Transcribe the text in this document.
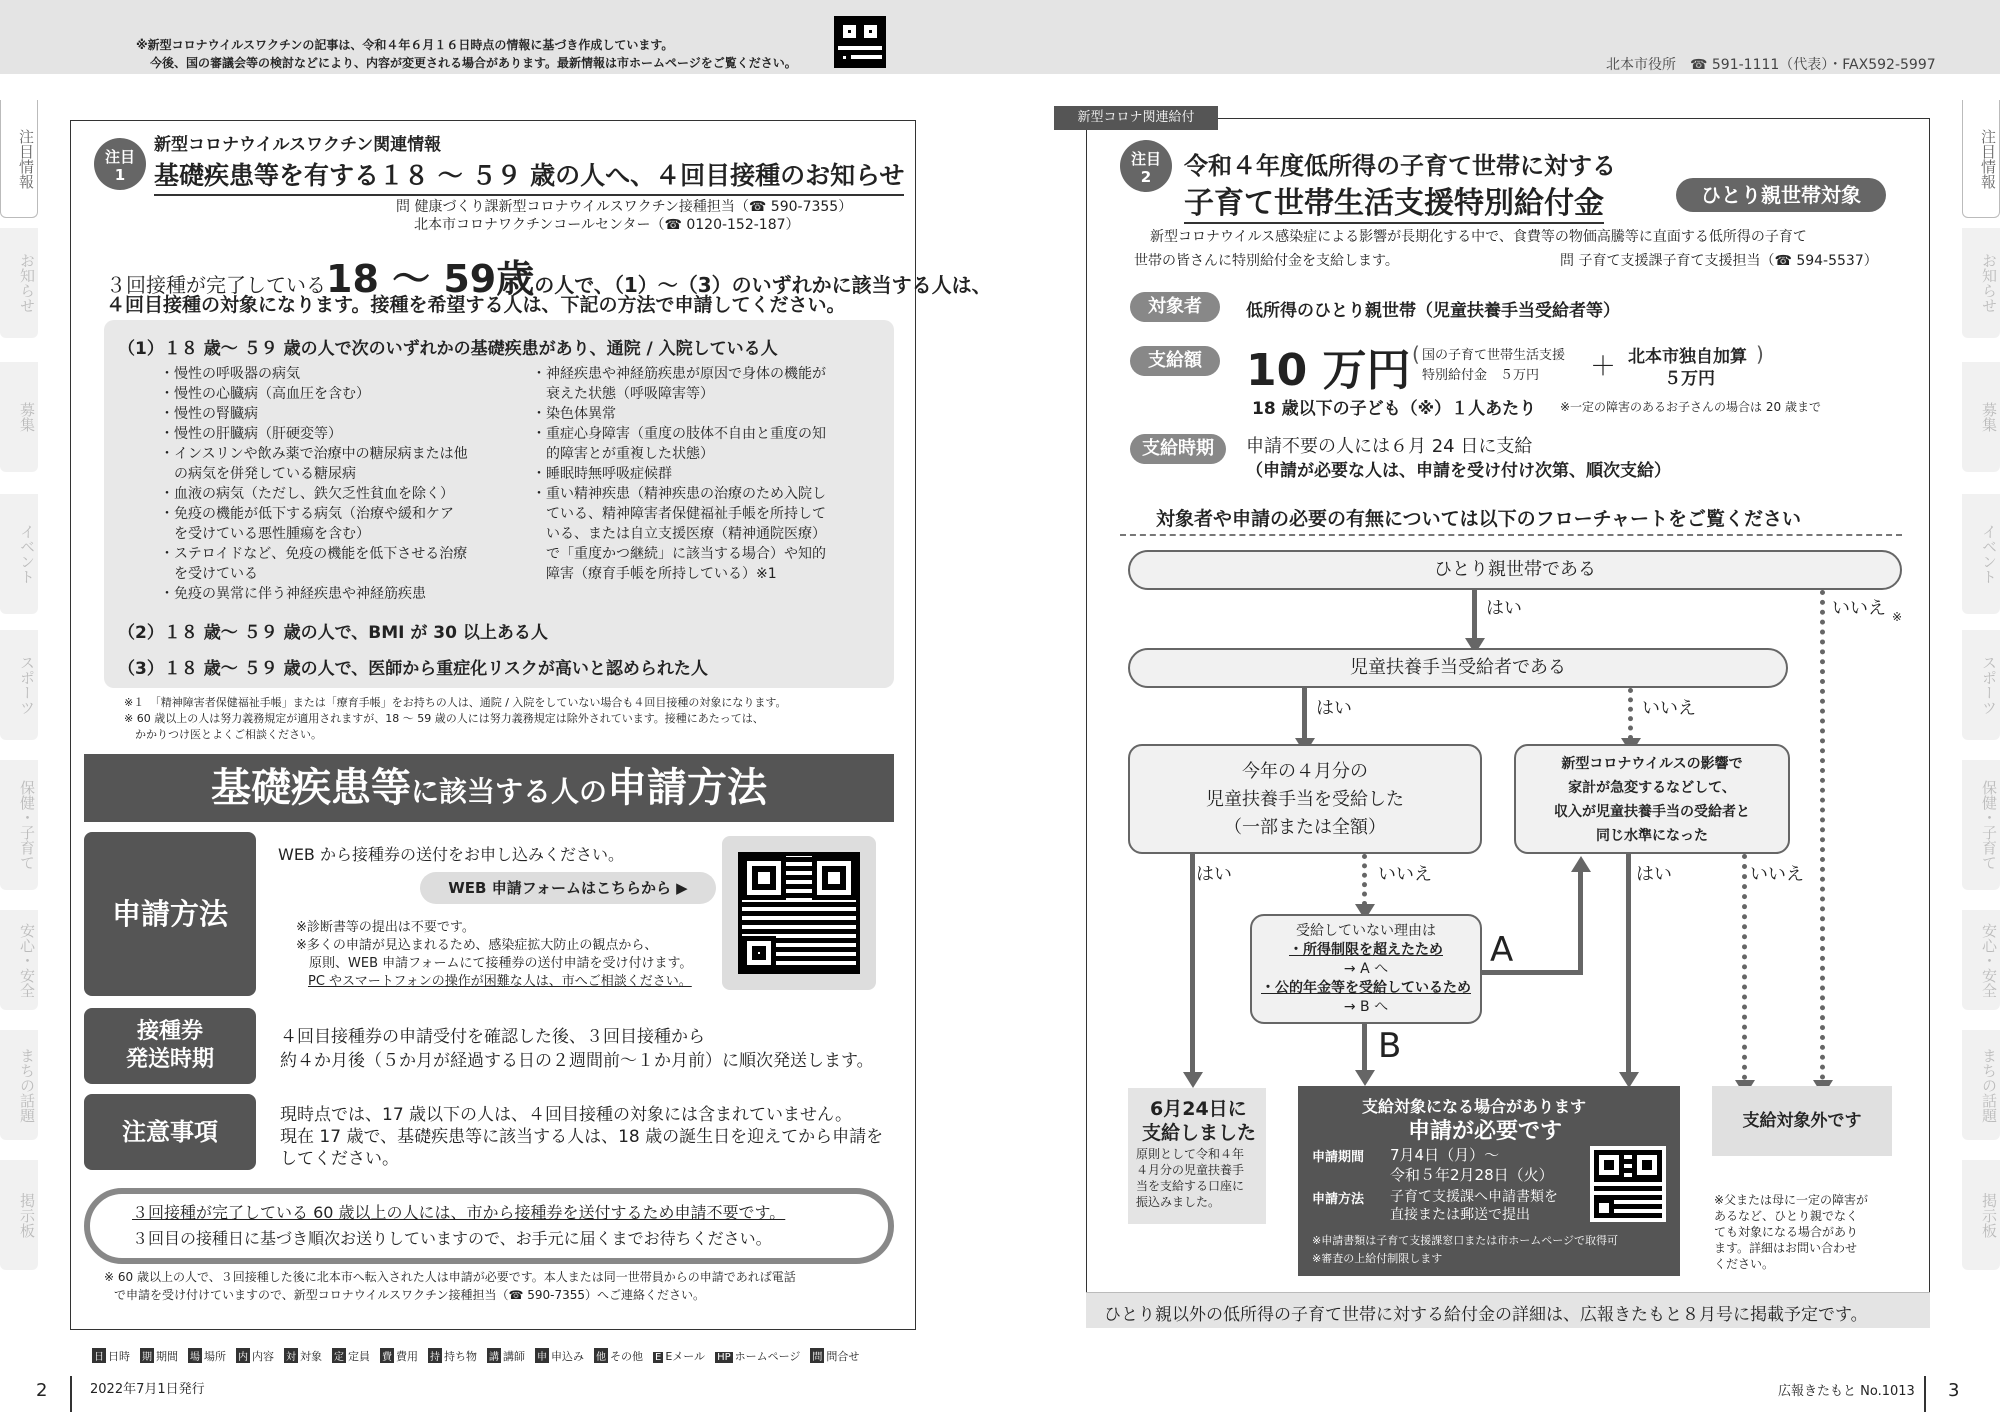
※新型コロナウイルスワクチンの記事は、令和４年６月１６日時点の情報に基づき作成しています。
今後、国の審議会等の検討などにより、内容が変更される場合があります。最新情報は市ホームページをご覧ください。	北本市役所　☎ 591-1111（代表）・FAX592-5997
注目
1
新型コロナウイルスワクチン関連情報
基礎疾患等を有する１８ ～ ５９ 歳の人へ、４回目接種のお知らせ
問 健康づくり課新型コロナウイルスワクチン接種担当（☎ 590-7355）
北本市コロナワクチンコールセンター（☎ 0120-152-187）
３回接種が完了している18 ～ 59歳の人で、（1）～（3）のいずれかに該当する人は、
４回目接種の対象になります。接種を希望する人は、下記の方法で申請してください。
（1）１８ 歳～ ５９ 歳の人で次のいずれかの基礎疾患があり、通院 / 入院している人
・慢性の呼吸器の病気
・慢性の心臓病（高血圧を含む）
・慢性の腎臓病
・慢性の肝臓病（肝硬変等）
・インスリンや飲み薬で治療中の糖尿病または他
　の病気を併発している糖尿病
・血液の病気（ただし、鉄欠乏性貧血を除く）
・免疫の機能が低下する病気（治療や緩和ケア
　を受けている悪性腫瘍を含む）
・ステロイドなど、免疫の機能を低下させる治療
　を受けている
・免疫の異常に伴う神経疾患や神経筋疾患
・神経疾患や神経筋疾患が原因で身体の機能が
　衰えた状態（呼吸障害等）
・染色体異常
・重症心身障害（重度の肢体不自由と重度の知
　的障害とが重複した状態）
・睡眠時無呼吸症候群
・重い精神疾患（精神疾患の治療のため入院し
　ている、精神障害者保健福祉手帳を所持して
　いる、または自立支援医療（精神通院医療）
　で「重度かつ継続」に該当する場合）や知的
　障害（療育手帳を所持している）※1
（2）１８ 歳～ ５９ 歳の人で、BMI が 30 以上ある人
（3）１８ 歳～ ５９ 歳の人で、医師から重症化リスクが高いと認められた人
※１　「精神障害者保健福祉手帳」または「療育手帳」をお持ちの人は、通院 / 入院をしていない場合も４回目接種の対象になります。
※ 60 歳以上の人は努力義務規定が適用されますが、18 ～ 59 歳の人には努力義務規定は除外されています。接種にあたっては、
　かかりつけ医とよくご相談ください。
基礎疾患等に該当する人の申請方法
申請方法
WEB から接種券の送付をお申し込みください。
WEB 申請フォームはこちらから ▶
※診断書等の提出は不要です。
※多くの申請が見込まれるため、感染症拡大防止の観点から、
　原則、WEB 申請フォームにて接種券の送付申請を受け付けます。
PC やスマートフォンの操作が困難な人は、市へご相談ください。
接種券
発送時期
４回目接種券の申請受付を確認した後、３回目接種から
約４か月後（５か月が経過する日の２週間前～１か月前）に順次発送します。
注意事項
現時点では、17 歳以下の人は、４回目接種の対象には含まれていません。
現在 17 歳で、基礎疾患等に該当する人は、18 歳の誕生日を迎えてから申請を
してください。
３回接種が完了している 60 歳以上の人には、市から接種券を送付するため申請不要です。
３回目の接種日に基づき順次お送りしていますので、お手元に届くまでお待ちください。
※ 60 歳以上の人で、３回接種した後に北本市へ転入された人は申請が必要です。本人または同一世帯員からの申請であれば電話
で申請を受け付けていますので、新型コロナウイルスワクチン接種担当（☎ 590-7355）へご連絡ください。
日 日時 期 期間 場 場所 内 内容 対 対象 定 定員 費 費用 持 持ち物 講 講師 申 申込み 他 その他 E Eメール HP ホームページ 問 問合せ
2	2022年7月1日発行	広報きたもと No.1013 3
新型コロナ関連給付
注目
2	令和４年度低所得の子育て世帯に対する
子育て世帯生活支援特別給付金	ひとり親世帯対象
新型コロナウイルス感染症による影響が長期化する中で、食費等の物価高騰等に直面する低所得の子育て
世帯の皆さんに特別給付金を支給します。	問 子育て支援課子育て支援担当（☎ 594-5537）
対象者	低所得のひとり親世帯（児童扶養手当受給者等）
支給額	10 万円 ( 国の子育て世帯生活支援
特別給付金　５万円 ＋ 北本市独自加算
５万円
)
18 歳以下の子ども（※）１人あたり ※一定の障害のあるお子さんの場合は 20 歳まで
支給時期	申請不要の人には６月 24 日に支給
（申請が必要な人は、申請を受け付け次第、順次支給）
対象者や申請の必要の有無については以下のフローチャートをご覧ください
ひとり親世帯である
はい	いいえ ※
児童扶養手当受給者である
はい	いいえ
今年の４月分の
児童扶養手当を受給した
（一部または全額）
新型コロナウイルスの影響で
家計が急変するなどして、
収入が児童扶養手当の受給者と
同じ水準になった
はい	いいえ	はい	いいえ
受給していない理由は
・所得制限を超えたため
→ A へ
・公的年金等を受給しているため
→ B へ
A
B
6月24日に
支給しました
原則として令和４年
４月分の児童扶養手
当を支給する口座に
振込みました。
支給対象になる場合があります
申請が必要です
申請期間 7月4日（月）～
令和５年2月28日（火）
申請方法 子育て支援課へ申請書類を
直接または郵送で提出
※申請書類は子育て支援課窓口または市ホームページで取得可
※審査の上給付制限します
支給対象外です
※父または母に一定の障害が
あるなど、ひとり親でなく
ても対象になる場合があり
ます。詳細はお問い合わせ
ください。
ひとり親以外の低所得の子育て世帯に対する給付金の詳細は、広報きたもと８月号に掲載予定です。
注目情報
お知らせ
募集
イベント
スポーツ
保健・子育て
安心・安全
まちの話題
掲示板
注目情報
お知らせ
募集
イベント
スポーツ
保健・子育て
安心・安全
まちの話題
掲示板
